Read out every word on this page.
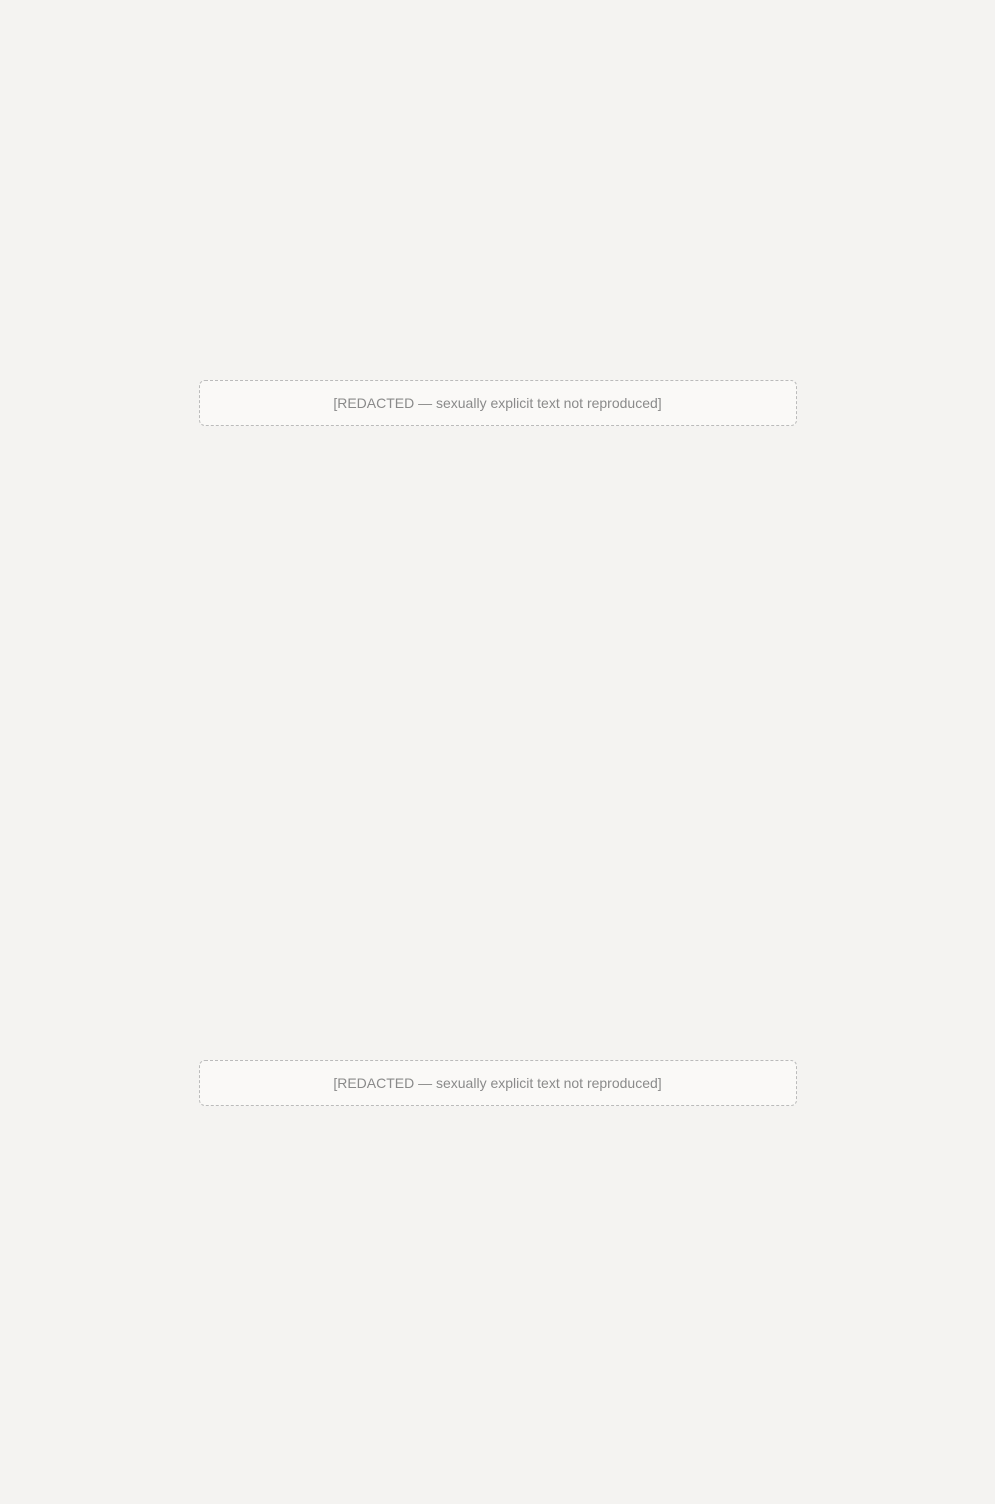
[REDACTED — sexually explicit text not reproduced]
[REDACTED — sexually explicit text not reproduced]
